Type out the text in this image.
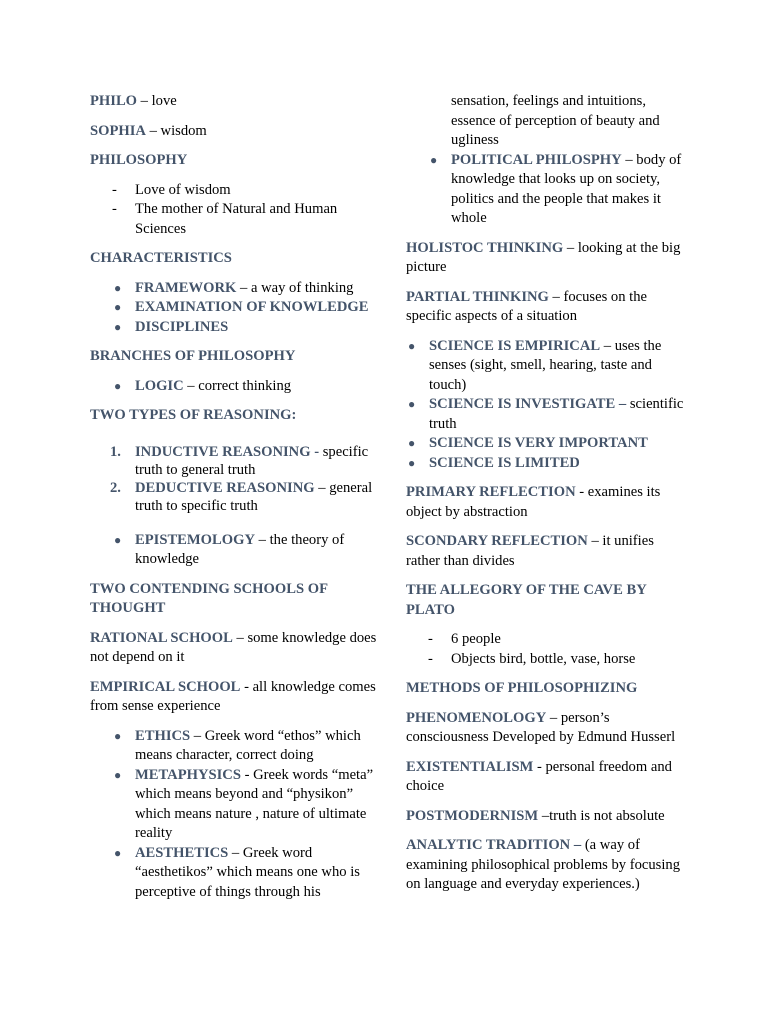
PHILO – love

SOPHIA – wisdom

PHILOSOPHY

- Love of wisdom
- The mother of Natural and Human Sciences

CHARACTERISTICS

● FRAMEWORK – a way of thinking
● EXAMINATION OF KNOWLEDGE
● DISCIPLINES

BRANCHES OF PHILOSOPHY

● LOGIC – correct thinking

TWO TYPES OF REASONING:

1. INDUCTIVE REASONING - specific truth to general truth
2. DEDUCTIVE REASONING – general truth to specific truth
● EPISTEMOLOGY – the theory of knowledge

TWO CONTENDING SCHOOLS OF THOUGHT

RATIONAL SCHOOL – some knowledge does not depend on it

EMPIRICAL SCHOOL - all knowledge comes from sense experience

● ETHICS – Greek word “ethos” which means character, correct doing
● METAPHYSICS - Greek words “meta” which means beyond and “physikon” which means nature , nature of ultimate reality
● AESTHETICS – Greek word “aesthetikos” which means one who is perceptive of things through his
sensation, feelings and intuitions, essence of perception of beauty and ugliness
● POLITICAL PHILOSPHY – body of knowledge that looks up on society, politics and the people that makes it whole

HOLISTOC THINKING – looking at the big picture

PARTIAL THINKING – focuses on the specific aspects of a situation

● SCIENCE IS EMPIRICAL – uses the senses (sight, smell, hearing, taste and touch)
● SCIENCE IS INVESTIGATE – scientific truth
● SCIENCE IS VERY IMPORTANT
● SCIENCE IS LIMITED

PRIMARY REFLECTION - examines its object by abstraction

SCONDARY REFLECTION – it unifies rather than divides

THE ALLEGORY OF THE CAVE BY PLATO

- 6 people
- Objects bird, bottle, vase, horse

METHODS OF PHILOSOPHIZING

PHENOMENOLOGY – person’s consciousness Developed by Edmund Husserl

EXISTENTIALISM - personal freedom and choice

POSTMODERNISM –truth is not absolute

ANALYTIC TRADITION – (a way of examining philosophical problems by focusing on language and everyday experiences.)
